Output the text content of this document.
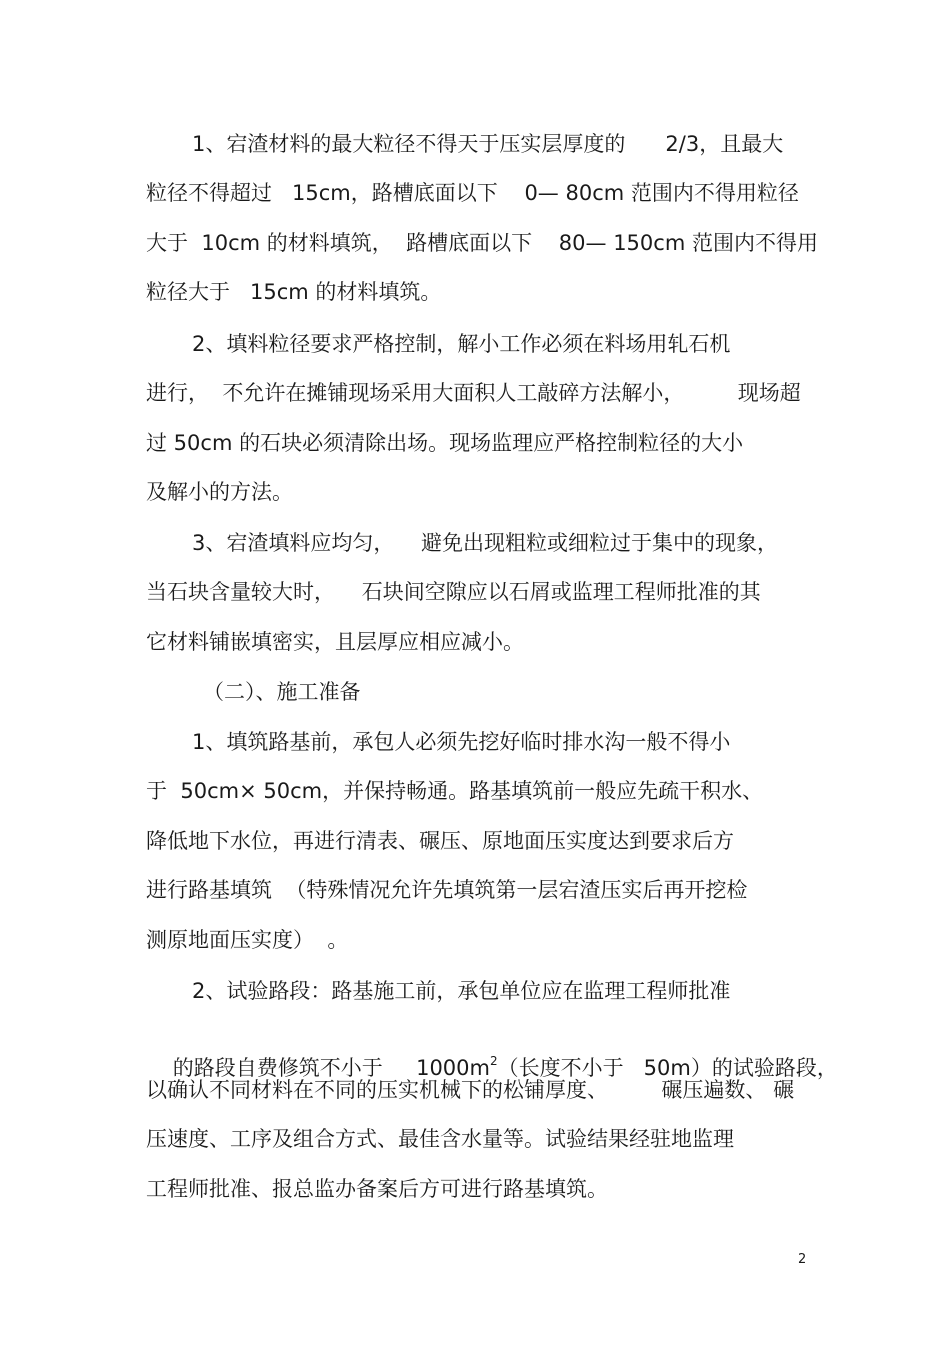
1、宕渣材料的最大粒径不得天于压实层厚度的      2/3，且最大
粒径不得超过   15cm，路槽底面以下    0— 80cm 范围内不得用粒径
大于  10cm 的材料填筑，  路槽底面以下    80— 150cm 范围内不得用
粒径大于   15cm 的材料填筑。
2、填料粒径要求严格控制，解小工作必须在料场用轧石机
进行，  不允许在摊铺现场采用大面积人工敲碎方法解小，        现场超
过 50cm 的石块必须清除出场。现场监理应严格控制粒径的大小
及解小的方法。
3、宕渣填料应均匀，    避免出现粗粒或细粒过于集中的现象，
当石块含量较大时，    石块间空隙应以石屑或监理工程师批准的其
它材料铺嵌填密实，且层厚应相应减小。
（二）、施工准备
1、填筑路基前，承包人必须先挖好临时排水沟一般不得小
于  50cm× 50cm，并保持畅通。路基填筑前一般应先疏干积水、
降低地下水位，再进行清表、碾压、原地面压实度达到要求后方
进行路基填筑  （特殊情况允许先填筑第一层宕渣压实后再开挖检
测原地面压实度）  。
2、试验路段：路基施工前，承包单位应在监理工程师批准

的路段自费修筑不小于     $1000m^2$（长度不小于   50m）的试验路段，

以确认不同材料在不同的压实机械下的松铺厚度、        碾压遍数、 碾
压速度、工序及组合方式、最佳含水量等。试验结果经驻地监理
工程师批准、报总监办备案后方可进行路基填筑。
2
